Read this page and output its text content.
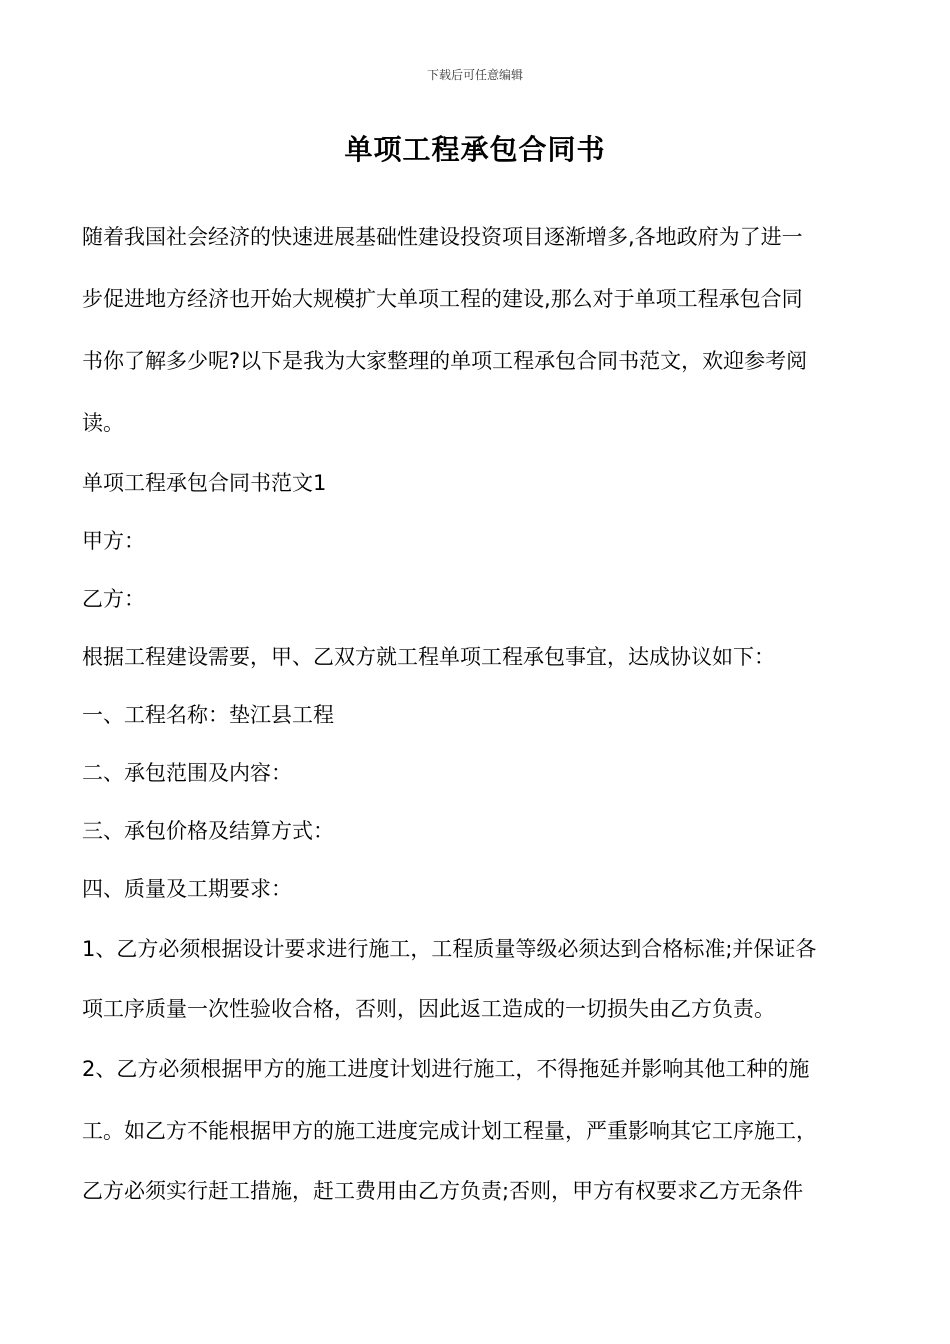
下载后可任意编辑
单项工程承包合同书
随着我国社会经济的快速进展基础性建设投资项目逐渐增多,各地政府为了进一
步促进地方经济也开始大规模扩大单项工程的建设,那么对于单项工程承包合同
书你了解多少呢?以下是我为大家整理的单项工程承包合同书范文，欢迎参考阅
读。
单项工程承包合同书范文1
甲方：
乙方：
根据工程建设需要，甲、乙双方就工程单项工程承包事宜，达成协议如下：
一、工程名称：垫江县工程
二、承包范围及内容：
三、承包价格及结算方式：
四、质量及工期要求：
1、乙方必须根据设计要求进行施工，工程质量等级必须达到合格标准;并保证各
项工序质量一次性验收合格，否则，因此返工造成的一切损失由乙方负责。
2、乙方必须根据甲方的施工进度计划进行施工，不得拖延并影响其他工种的施
工。如乙方不能根据甲方的施工进度完成计划工程量，严重影响其它工序施工，
乙方必须实行赶工措施，赶工费用由乙方负责;否则，甲方有权要求乙方无条件
